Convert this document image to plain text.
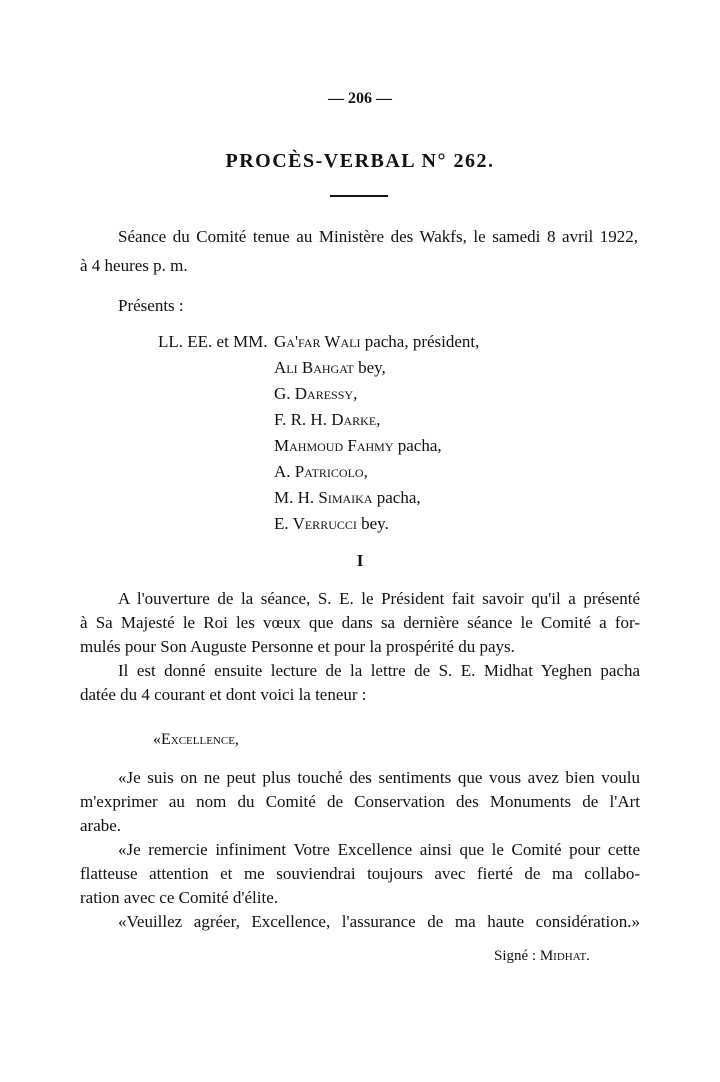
— 206 —
PROCÈS-VERBAL N° 262.
Séance du Comité tenue au Ministère des Wakfs, le samedi 8 avril 1922,
à 4 heures p. m.
Présents :
LL. EE. et MM. Ga'far Wali pacha, président,
Ali Bahgat bey,
G. Daressy,
F. R. H. Darke,
Mahmoud Fahmy pacha,
A. Patricolo,
M. H. Simaika pacha,
E. Verrucci bey.
I
A l'ouverture de la séance, S. E. le Président fait savoir qu'il a présenté
à Sa Majesté le Roi les vœux que dans sa dernière séance le Comité a for-
mulés pour Son Auguste Personne et pour la prospérité du pays.
Il est donné ensuite lecture de la lettre de S. E. Midhat Yeghen pacha
datée du 4 courant et dont voici la teneur :
«Excellence,
«Je suis on ne peut plus touché des sentiments que vous avez bien voulu
m'exprimer au nom du Comité de Conservation des Monuments de l'Art
arabe.
«Je remercie infiniment Votre Excellence ainsi que le Comité pour cette
flatteuse attention et me souviendrai toujours avec fierté de ma collabo-
ration avec ce Comité d'élite.
«Veuillez agréer, Excellence, l'assurance de ma haute considération.»
Signé : Midhat.
